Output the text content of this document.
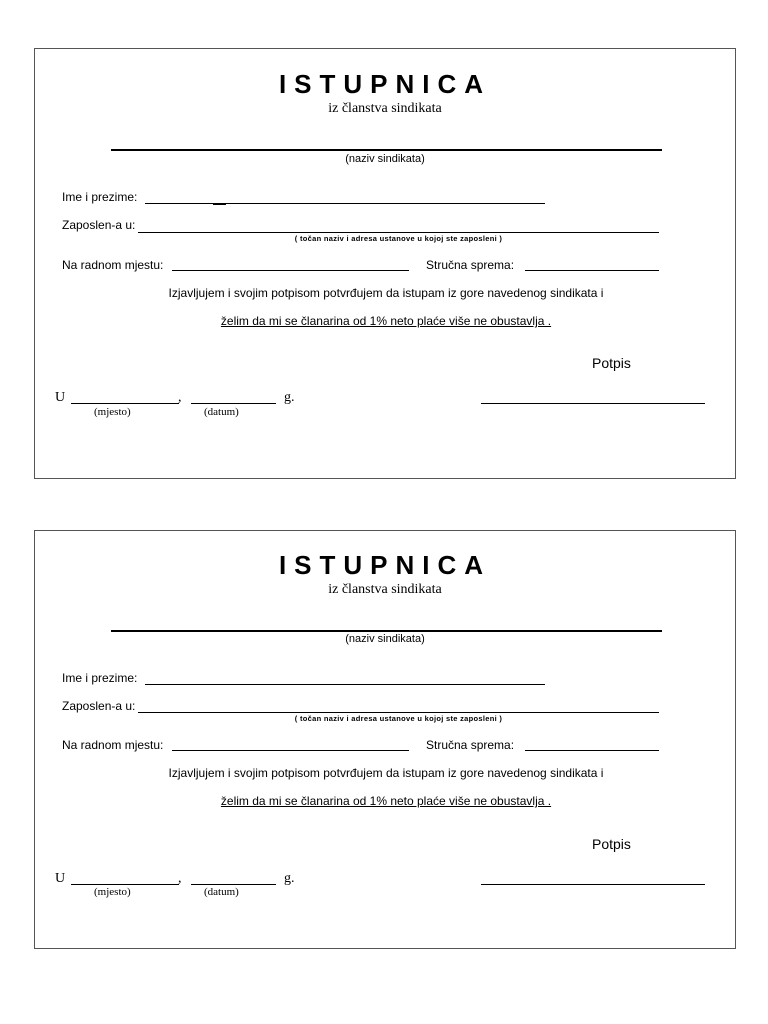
ISTUPNICA
iz članstva sindikata
(naziv sindikata)
Ime i prezime:
Zaposlen-a u:
( točan naziv i adresa ustanove u kojoj ste zaposleni )
Na radnom mjestu:	Stručna sprema:
Izjavljujem i svojim potpisom potvrđujem da istupam iz gore navedenog sindikata i
želim da mi se članarina od 1% neto plaće više ne obustavlja .
Potpis
U	,	g.
(mjesto)	(datum)
ISTUPNICA
iz članstva sindikata
(naziv sindikata)
Ime i prezime:
Zaposlen-a u:
( točan naziv i adresa ustanove u kojoj ste zaposleni )
Na radnom mjestu:	Stručna sprema:
Izjavljujem i svojim potpisom potvrđujem da istupam iz gore navedenog sindikata i
želim da mi se članarina od 1% neto plaće više ne obustavlja .
Potpis
U	,	g.
(mjesto)	(datum)
